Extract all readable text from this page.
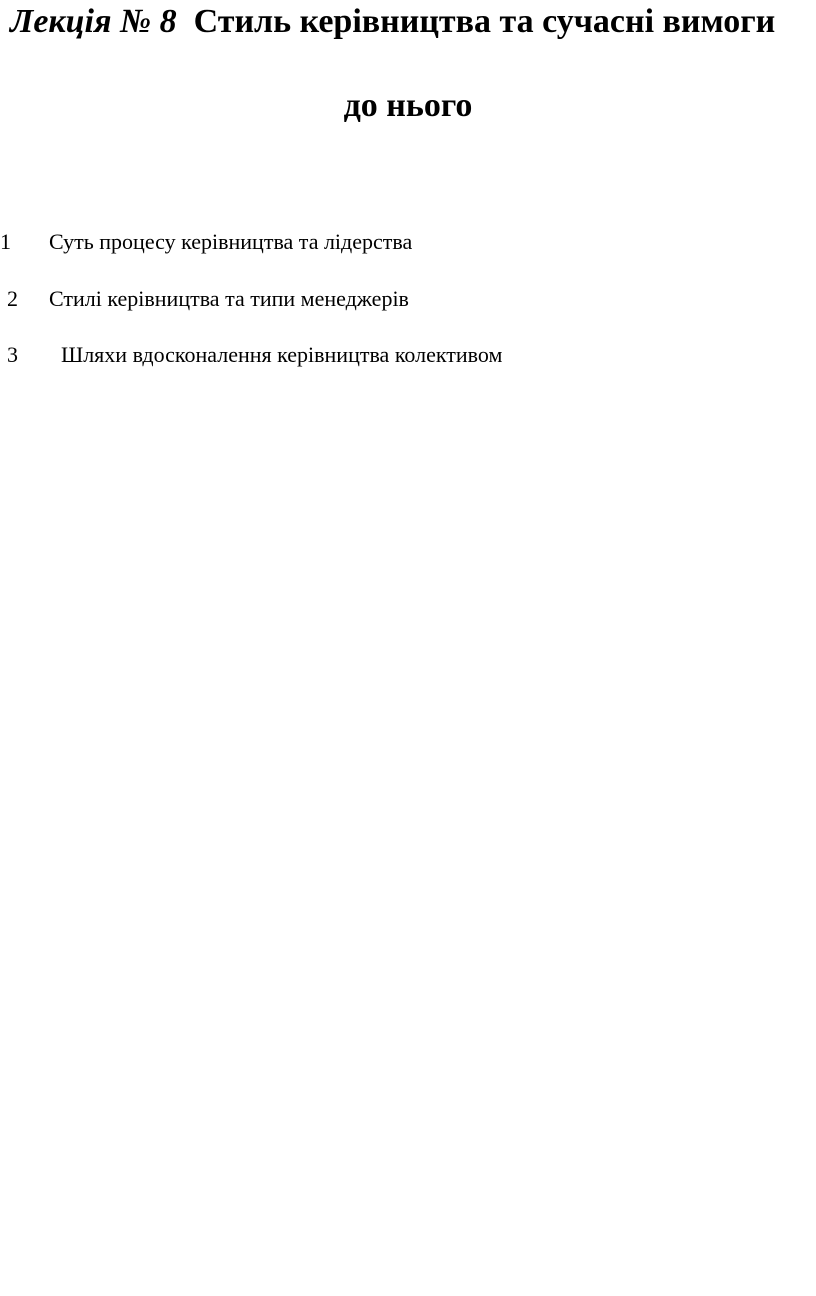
Лекція № 8 Стиль керівництва та сучасні вимоги
до нього
1 Суть процесу керівництва та лідерства
2 Стилі керівництва та типи менеджерів
3 Шляхи вдосконалення керівництва колективом
